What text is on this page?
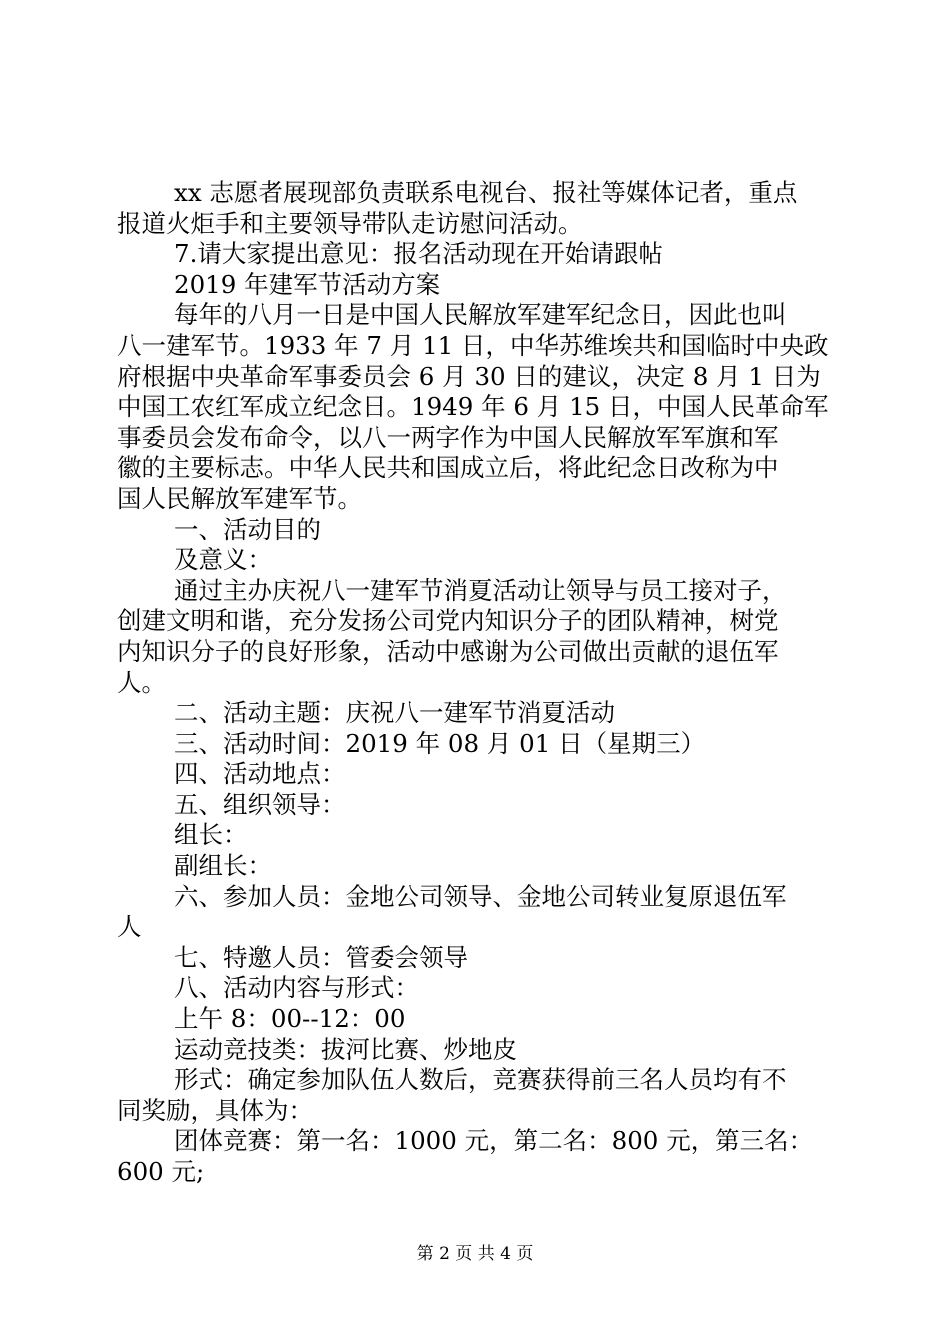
xx 志愿者展现部负责联系电视台、报社等媒体记者，重点
报道火炬手和主要领导带队走访慰问活动。
7.请大家提出意见：报名活动现在开始请跟帖
2019 年建军节活动方案
每年的八月一日是中国人民解放军建军纪念日，因此也叫
八一建军节。1933 年 7 月 11 日，中华苏维埃共和国临时中央政
府根据中央革命军事委员会 6 月 30 日的建议，决定 8 月 1 日为
中国工农红军成立纪念日。1949 年 6 月 15 日，中国人民革命军
事委员会发布命令，以八一两字作为中国人民解放军军旗和军
徽的主要标志。中华人民共和国成立后，将此纪念日改称为中
国人民解放军建军节。
一、活动目的
及意义：
通过主办庆祝八一建军节消夏活动让领导与员工接对子，
创建文明和谐，充分发扬公司党内知识分子的团队精神，树党
内知识分子的良好形象，活动中感谢为公司做出贡献的退伍军
人。
二、活动主题：庆祝八一建军节消夏活动
三、活动时间：2019 年 08 月 01 日（星期三）
四、活动地点：
五、组织领导：
组长：
副组长：
六、参加人员：金地公司领导、金地公司转业复原退伍军
人
七、特邀人员：管委会领导
八、活动内容与形式：
上午 8：00--12：00
运动竞技类：拔河比赛、炒地皮
形式：确定参加队伍人数后，竞赛获得前三名人员均有不
同奖励，具体为：
团体竞赛：第一名：1000 元，第二名：800 元，第三名：
600 元;
第 2 页 共 4 页
